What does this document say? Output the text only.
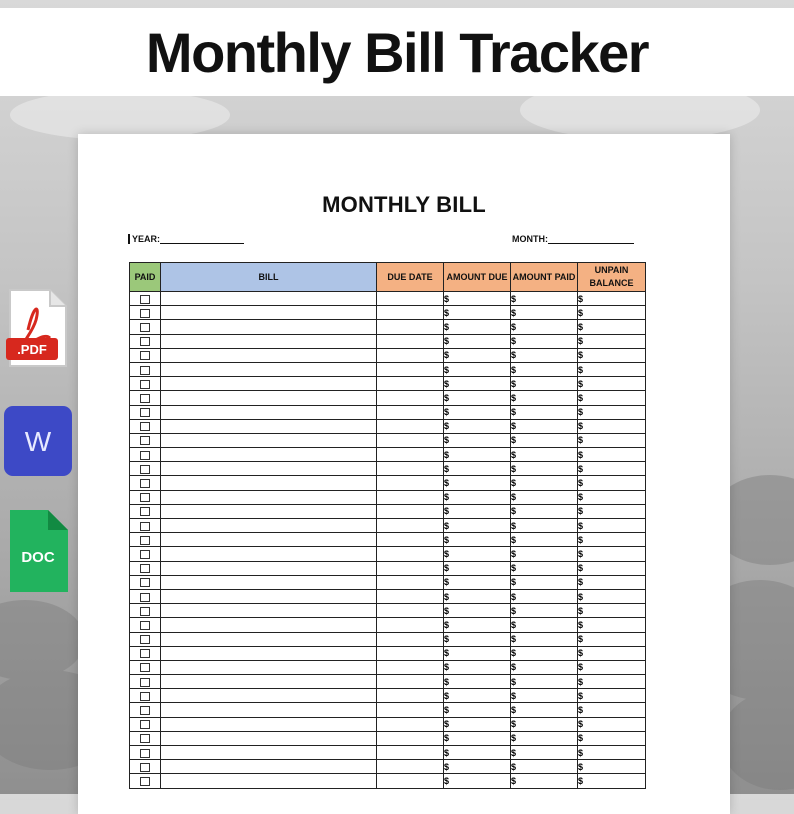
Monthly Bill Tracker
MONTHLY BILL
YEAR:	MONTH:
PAID	BILL	DUE DATE	AMOUNT DUE	AMOUNT PAID	UNPAIN BALANCE

			$	$	$

			$	$	$

			$	$	$

			$	$	$

			$	$	$

			$	$	$

			$	$	$

			$	$	$

			$	$	$

			$	$	$

			$	$	$

			$	$	$

			$	$	$

			$	$	$

			$	$	$

			$	$	$

			$	$	$

			$	$	$

			$	$	$

			$	$	$

			$	$	$

			$	$	$

			$	$	$

			$	$	$

			$	$	$

			$	$	$

			$	$	$

			$	$	$

			$	$	$

			$	$	$

			$	$	$

			$	$	$

			$	$	$

			$	$	$

			$	$	$
.PDF
W
DOC
